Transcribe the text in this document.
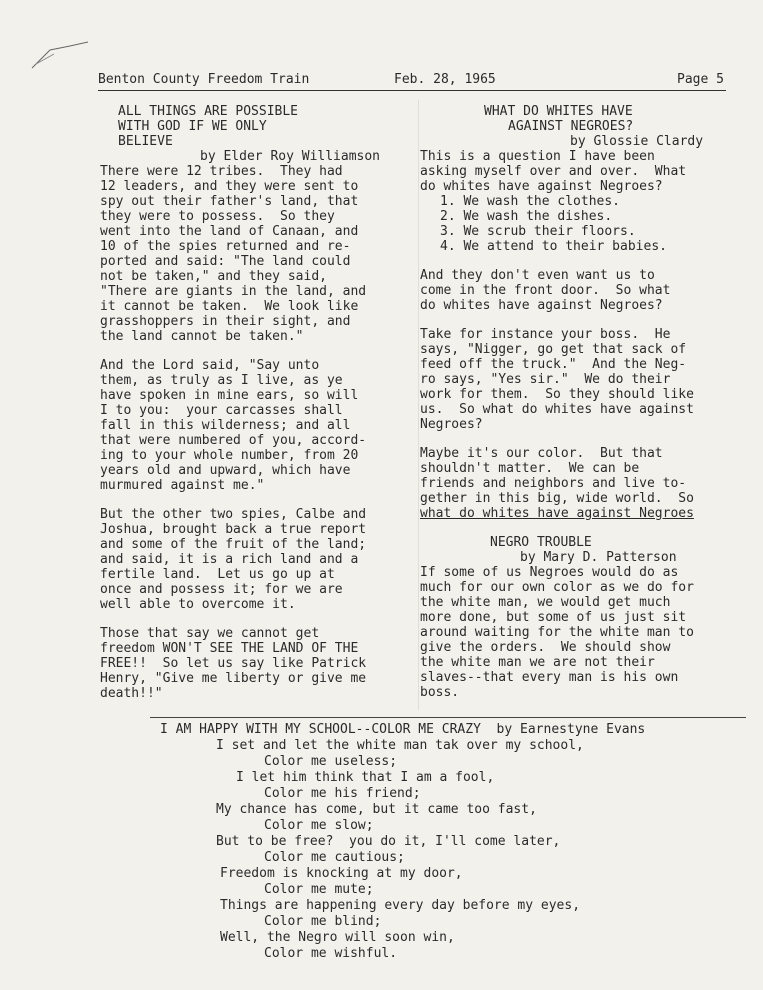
Benton County Freedom Train	Feb. 28, 1965	Page 5

ALL THINGS ARE POSSIBLE

WITH GOD IF WE ONLY

BELIEVE

by Elder Roy Williamson

There were 12 tribes.  They had

12 leaders, and they were sent to

spy out their father's land, that

they were to possess.  So they

went into the land of Canaan, and

10 of the spies returned and re-

ported and said: "The land could

not be taken," and they said,

"There are giants in the land, and

it cannot be taken.  We look like

grasshoppers in their sight, and

the land cannot be taken."

And the Lord said, "Say unto

them, as truly as I live, as ye

have spoken in mine ears, so will

I to you:  your carcasses shall

fall in this wilderness; and all

that were numbered of you, accord-

ing to your whole number, from 20

years old and upward, which have

murmured against me."

But the other two spies, Calbe and

Joshua, brought back a true report

and some of the fruit of the land;

and said, it is a rich land and a

fertile land.  Let us go up at

once and possess it; for we are

well able to overcome it.

Those that say we cannot get

freedom WON'T SEE THE LAND OF THE

FREE!!  So let us say like Patrick

Henry, "Give me liberty or give me

death!!"

WHAT DO WHITES HAVE

AGAINST NEGROES?

by Glossie Clardy

This is a question I have been

asking myself over and over.  What

do whites have against Negroes?

1. We wash the clothes.

2. We wash the dishes.

3. We scrub their floors.

4. We attend to their babies.

And they don't even want us to

come in the front door.  So what

do whites have against Negroes?

Take for instance your boss.  He

says, "Nigger, go get that sack of

feed off the truck."  And the Neg-

ro says, "Yes sir."  We do their

work for them.  So they should like

us.  So what do whites have against

Negroes?

Maybe it's our color.  But that

shouldn't matter.  We can be

friends and neighbors and live to-

gether in this big, wide world.  So

what do whites have against Negroes

NEGRO TROUBLE

by Mary D. Patterson

If some of us Negroes would do as

much for our own color as we do for

the white man, we would get much

more done, but some of us just sit

around waiting for the white man to

give the orders.  We should show

the white man we are not their

slaves--that every man is his own

boss.

I AM HAPPY WITH MY SCHOOL--COLOR ME CRAZY  by Earnestyne Evans

I set and let the white man tak over my school,

Color me useless;

I let him think that I am a fool,

Color me his friend;

My chance has come, but it came too fast,

Color me slow;

But to be free?  you do it, I'll come later,

Color me cautious;

Freedom is knocking at my door,

Color me mute;

Things are happening every day before my eyes,

Color me blind;

Well, the Negro will soon win,

Color me wishful.
